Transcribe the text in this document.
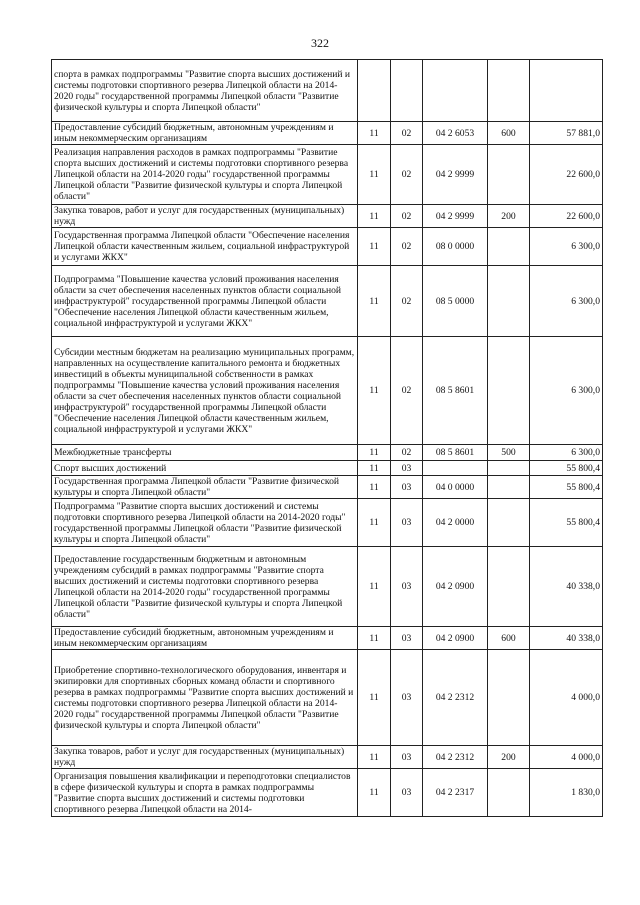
322
спорта в рамках подпрограммы "Развитие спорта высших достижений и системы подготовки спортивного резерва Липецкой области на 2014-2020 годы" государственной программы Липецкой области "Развитие физической культуры и спорта Липецкой области"					
Предоставление субсидий бюджетным, автономным учреждениям и иным некоммерческим организациям	11	02	04 2 6053	600	57 881,0
Реализация направления расходов в рамках подпрограммы "Развитие спорта высших достижений и системы подготовки спортивного резерва Липецкой области на 2014-2020 годы" государственной программы Липецкой области "Развитие физической культуры и спорта Липецкой области"	11	02	04 2 9999		22 600,0
Закупка товаров, работ и услуг для государственных (муниципальных) нужд	11	02	04 2 9999	200	22 600,0
Государственная программа Липецкой области "Обеспечение населения Липецкой области качественным жильем, социальной инфраструктурой и услугами ЖКХ"	11	02	08 0 0000		6 300,0
Подпрограмма "Повышение качества условий проживания населения области за счет обеспечения населенных пунктов области социальной инфраструктурой" государственной программы Липецкой области "Обеспечение населения Липецкой области качественным жильем, социальной инфраструктурой и услугами ЖКХ"	11	02	08 5 0000		6 300,0
Субсидии местным бюджетам на реализацию муниципальных программ, направленных на осуществление капитального ремонта и бюджетных инвестиций в объекты муниципальной собственности в рамках подпрограммы "Повышение качества условий проживания населения области за счет обеспечения населенных пунктов области социальной инфраструктурой" государственной программы Липецкой области "Обеспечение населения Липецкой области качественным жильем, социальной инфраструктурой и услугами ЖКХ"	11	02	08 5 8601		6 300,0
Межбюджетные трансферты	11	02	08 5 8601	500	6 300,0
Спорт высших достижений	11	03			55 800,4
Государственная программа Липецкой области "Развитие физической культуры и спорта Липецкой области"	11	03	04 0 0000		55 800,4
Подпрограмма "Развитие спорта высших достижений и системы подготовки спортивного резерва Липецкой области на 2014-2020 годы" государственной программы Липецкой области "Развитие физической культуры и спорта Липецкой области"	11	03	04 2 0000		55 800,4
Предоставление государственным бюджетным и автономным учреждениям субсидий в рамках подпрограммы "Развитие спорта высших достижений и системы подготовки спортивного резерва Липецкой области на 2014-2020 годы" государственной программы Липецкой области "Развитие физической культуры и спорта Липецкой области"	11	03	04 2 0900		40 338,0
Предоставление субсидий бюджетным, автономным учреждениям и иным некоммерческим организациям	11	03	04 2 0900	600	40 338,0
Приобретение спортивно-технологического оборудования, инвентаря и экипировки для спортивных сборных команд области и спортивного резерва в рамках подпрограммы "Развитие спорта высших достижений и системы подготовки спортивного резерва Липецкой области на 2014-2020 годы" государственной программы Липецкой области "Развитие физической культуры и спорта Липецкой области"	11	03	04 2 2312		4 000,0
Закупка товаров, работ и услуг для государственных (муниципальных) нужд	11	03	04 2 2312	200	4 000,0
Организация повышения квалификации и переподготовки специалистов в сфере физической культуры и спорта в рамках подпрограммы "Развитие спорта высших достижений и системы подготовки спортивного резерва Липецкой области на 2014-	11	03	04 2 2317		1 830,0
